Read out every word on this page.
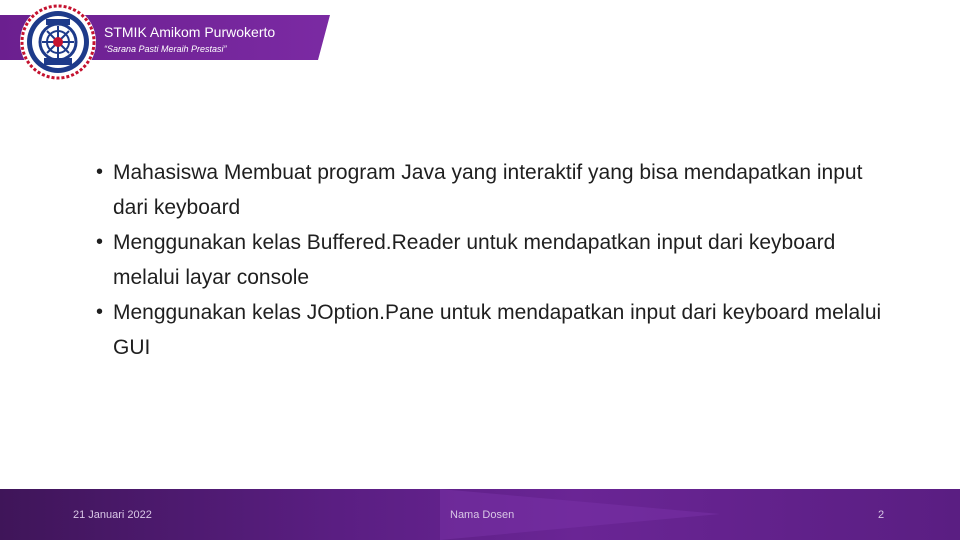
STMIK Amikom Purwokerto
“Sarana Pasti Meraih Prestasi”
• Mahasiswa Membuat program Java yang interaktif yang bisa mendapatkan input dari keyboard
• Menggunakan kelas Buffered.Reader untuk mendapatkan input dari keyboard melalui layar console
• Menggunakan kelas JOption.Pane untuk mendapatkan input dari keyboard melalui GUI
21 Januari 2022	Nama Dosen	2
